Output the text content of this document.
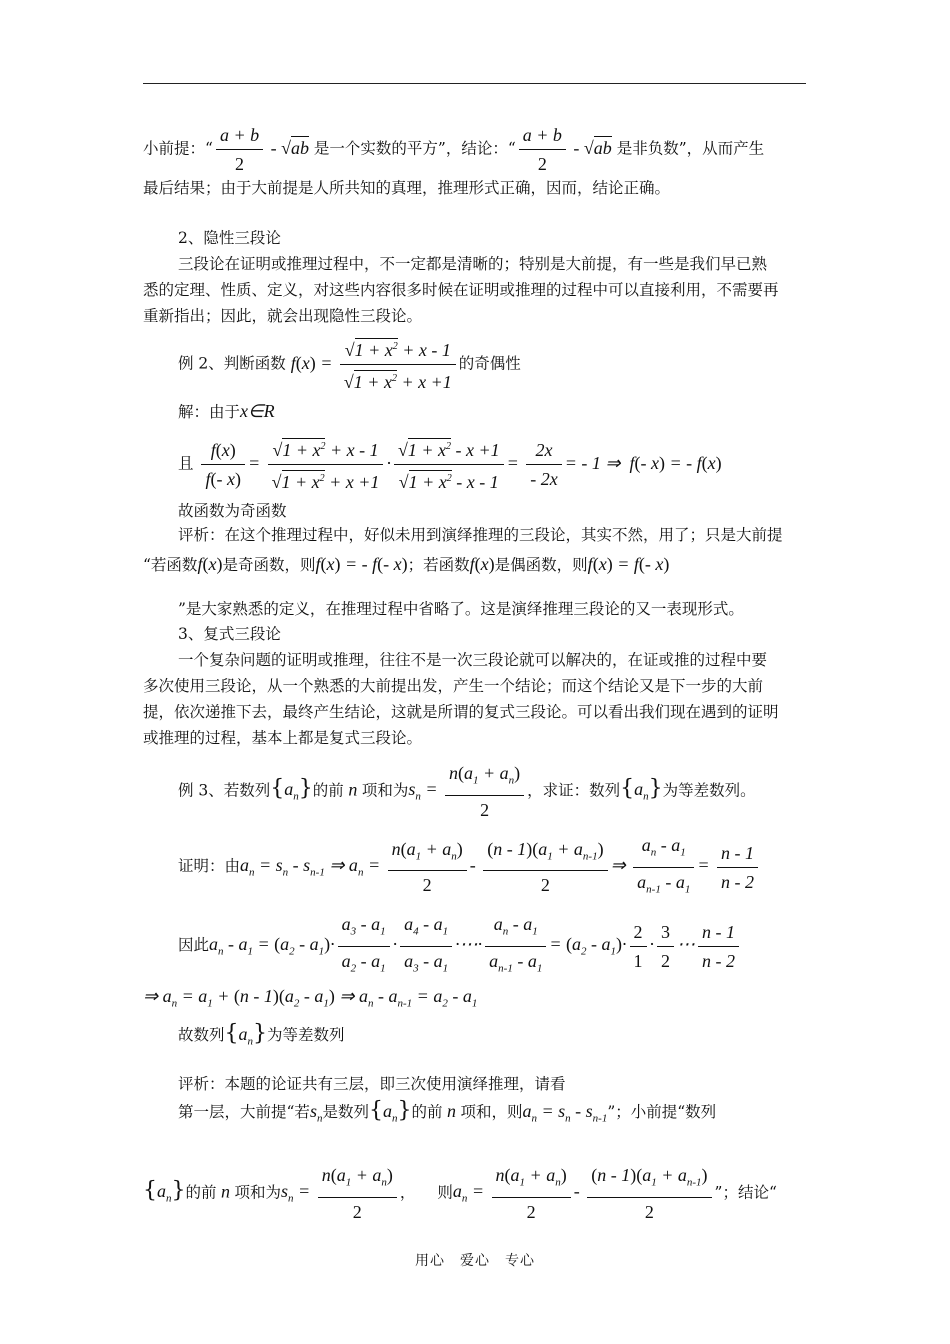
小前提：“ $\frac{a + b}{2} - √ab$ 是一个实数的平方”，结论：“ $\frac{a + b}{2} - √ab$ 是非负数”，从而产生
最后结果；由于大前提是人所共知的真理，推理形式正确，因而，结论正确。
2、隐性三段论
三段论在证明或推理过程中，不一定都是清晰的；特别是大前提，有一些是我们早已熟
悉的定理、性质、定义，对这些内容很多时候在证明或推理的过程中可以直接利用，不需要再
重新指出；因此，就会出现隐性三段论。
例 2、判断函数 $f(x) = \frac{√1 + x^2 + x - 1}{√1 + x^2 + x +1}$ 的奇偶性
解：由于x∈R
且 $\frac{f(x)}{f(- x)} = \frac{√1 + x^2 + x - 1}{√1 + x^2 + x +1} \cdot \frac{√1 + x^2 - x +1}{√1 + x^2 - x - 1} = \frac{2x}{- 2x}$ = - 1 ⇒  f(- x) = - f(x)
故函数为奇函数
评析：在这个推理过程中，好似未用到演绎推理的三段论，其实不然，用了；只是大前提
“若函数f(x)是奇函数，则f(x) = - f(- x)；若函数f(x)是偶函数，则f(x) = f(- x)
”是大家熟悉的定义，在推理过程中省略了。这是演绎推理三段论的又一表现形式。
3、复式三段论
一个复杂问题的证明或推理，往往不是一次三段论就可以解决的，在证或推的过程中要
多次使用三段论，从一个熟悉的大前提出发，产生一个结论；而这个结论又是下一步的大前
提，依次递推下去，最终产生结论，这就是所谓的复式三段论。可以看出我们现在遇到的证明
或推理的过程，基本上都是复式三段论。
例 3、若数列$\{a_n\}$的前 n 项和为$s_n = \frac{n(a_1 + a_n)}{2}$ ，求证：数列$\{a_n\}$为等差数列。
证明：由$a_n = s_n - s_{n-1}$ ⇒ $a_n = \frac{n(a_1 + a_n)}{2} - \frac{(n - 1)(a_1 + a_{n-1})}{2}$ ⇒ $\frac{a_n - a_1}{a_{n-1} - a_1} = \frac{n - 1}{n - 2}$
因此$a_n - a_1 = (a_2 - a_1)\cdot \frac{a_3 - a_1}{a_2 - a_1} \cdot \frac{a_4 - a_1}{a_3 - a_1}$ ·⋯· $\frac{a_n - a_1}{a_{n-1} - a_1} = (a_2 - a_1)\cdot \frac{2}{1} \cdot \frac{3}{2}$ ⋯ $\frac{n - 1}{n - 2}$
⇒ $a_n = a_1 + (n - 1)(a_2 - a_1)$ ⇒ $a_n - a_{n-1} = a_2 - a_1$
故数列$\{a_n\}$为等差数列
评析：本题的论证共有三层，即三次使用演绎推理，请看
第一层，大前提“若$s_n$是数列$\{a_n\}$的前 n 项和，则$a_n = s_n - s_{n-1}$”；小前提“数列
$\{a_n\}$的前 n 项和为$s_n = \frac{n(a_1 + a_n)}{2}$ ， 则$a_n = \frac{n(a_1 + a_n)}{2} - \frac{(n - 1)(a_1 + a_{n-1})}{2}$ ”；结论“
用心　爱心　专心
